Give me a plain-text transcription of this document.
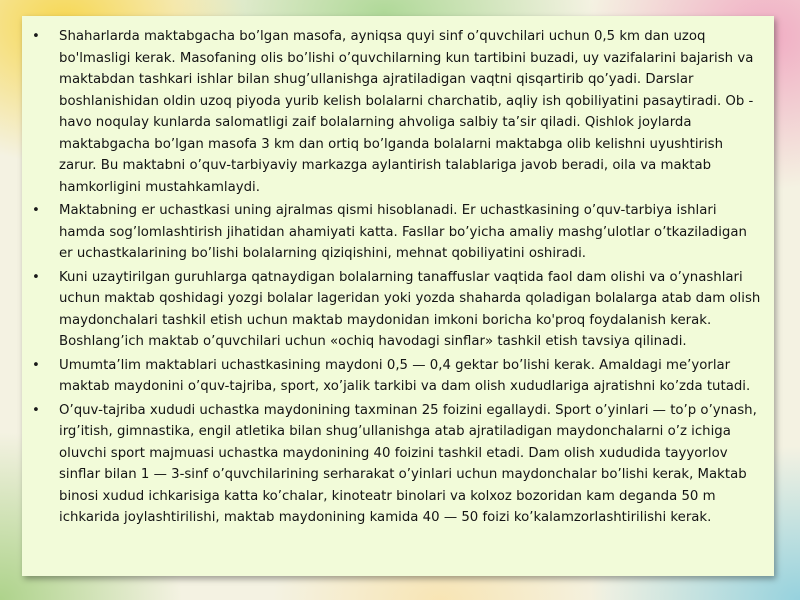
• Shaharlarda maktabgacha bo’lgan masofa, ayniqsa quyi sinf o’quvchilari uchun 0,5 km dan uzoq bo'lmasligi kerak. Masofaning olis bo’lishi o’quvchilarning kun tartibini buzadi, uy vazifalarini bajarish va maktabdan tashkari ishlar bilan shug’ullanishga ajratiladigan vaqtni qisqartirib qo’yadi. Darslar boshlanishidan oldin uzoq piyoda yurib kelish bolalarni charchatib, aqliy ish qobiliyatini pasaytiradi. Ob - havo noqulay kunlarda salomatligi zaif bolalarning ahvoliga salbiy ta’sir qiladi. Qishlok joylarda maktabgacha bo’lgan masofa 3 km dan ortiq bo’lganda bolalarni maktabga olib kelishni uyushtirish zarur. Bu maktabni o’quv-tarbiyaviy markazga aylantirish talablariga javob beradi, oila va maktab hamkorligini mustahkamlaydi.
• Maktabning er uchastkasi uning ajralmas qismi hisoblanadi. Er uchastkasining o’quv-tarbiya ishlari hamda sog’lomlashtirish jihatidan ahamiyati katta. Fasllar bo’yicha amaliy mashg’ulotlar o’tkaziladigan er uchastkalarining bo’lishi bolalarning qiziqishini, mehnat qobiliyatini oshiradi.
• Kuni uzaytirilgan guruhlarga qatnaydigan bolalarning tanaffuslar vaqtida faol dam olishi va o’ynashlari uchun maktab qoshidagi yozgi bolalar lageridan yoki yozda shaharda qoladigan bolalarga atab dam olish maydonchalari tashkil etish uchun maktab maydonidan imkoni boricha ko'proq foydalanish kerak. Boshlang’ich maktab o’quvchilari uchun «ochiq havodagi sinflar» tashkil etish tavsiya qilinadi.
• Umumta’lim maktablari uchastkasining maydoni 0,5 — 0,4 gektar bo’lishi kerak. Amaldagi me’yorlar maktab maydonini o’quv-tajriba, sport, xo’jalik tarkibi va dam olish xududlariga ajratishni ko’zda tutadi.
• O’quv-tajriba xududi uchastka maydonining taxminan 25 foizini egallaydi. Sport o’yinlari — to’p o’ynash, irg’itish, gimnastika, engil atletika bilan shug’ullanishga atab ajratiladigan maydonchalarni o’z ichiga oluvchi sport majmuasi uchastka maydonining 40 foizini tashkil etadi. Dam olish xududida tayyorlov sinflar bilan 1 — 3-sinf o’quvchilarining serharakat o’yinlari uchun maydonchalar bo’lishi kerak, Maktab binosi xudud ichkarisiga katta ko’chalar, kinoteatr binolari va kolxoz bozoridan kam deganda 50 m ichkarida joylashtirilishi, maktab maydonining kamida 40 — 50 foizi ko’kalamzorlashtirilishi kerak.
